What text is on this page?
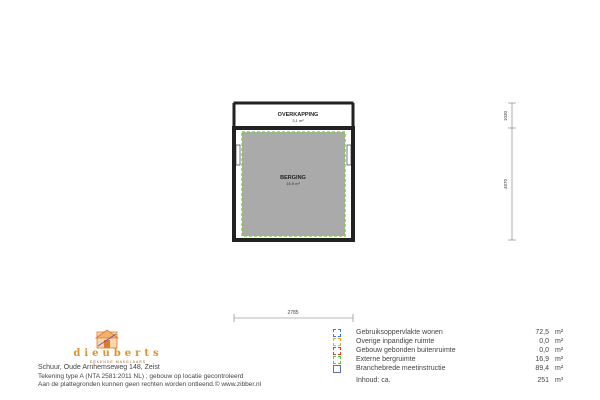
OVERKAPPING
3,1 m²
BERGING
16,9 m²
1030
4870
2785
dieuberts
ERKENDE MAKELAARS
Schuur, Oude Arnhemseweg 148, Zeist
Tekening type A (NTA 2581:2011 NL) ; gebouw op locatie gecontroleerd
Aan de plattegronden kunnen geen rechten worden ontleend.© www.zibber.nl
Gebruiksoppervlakte wonen	72,5 m²
Overige inpandige ruimte	0,0 m²
Gebouw gebonden buitenruimte	0,0 m²
Externe bergruimte	16,9 m²
Branchebrede meetinstructie	89,4 m²
Inhoud: ca.	251 m³
